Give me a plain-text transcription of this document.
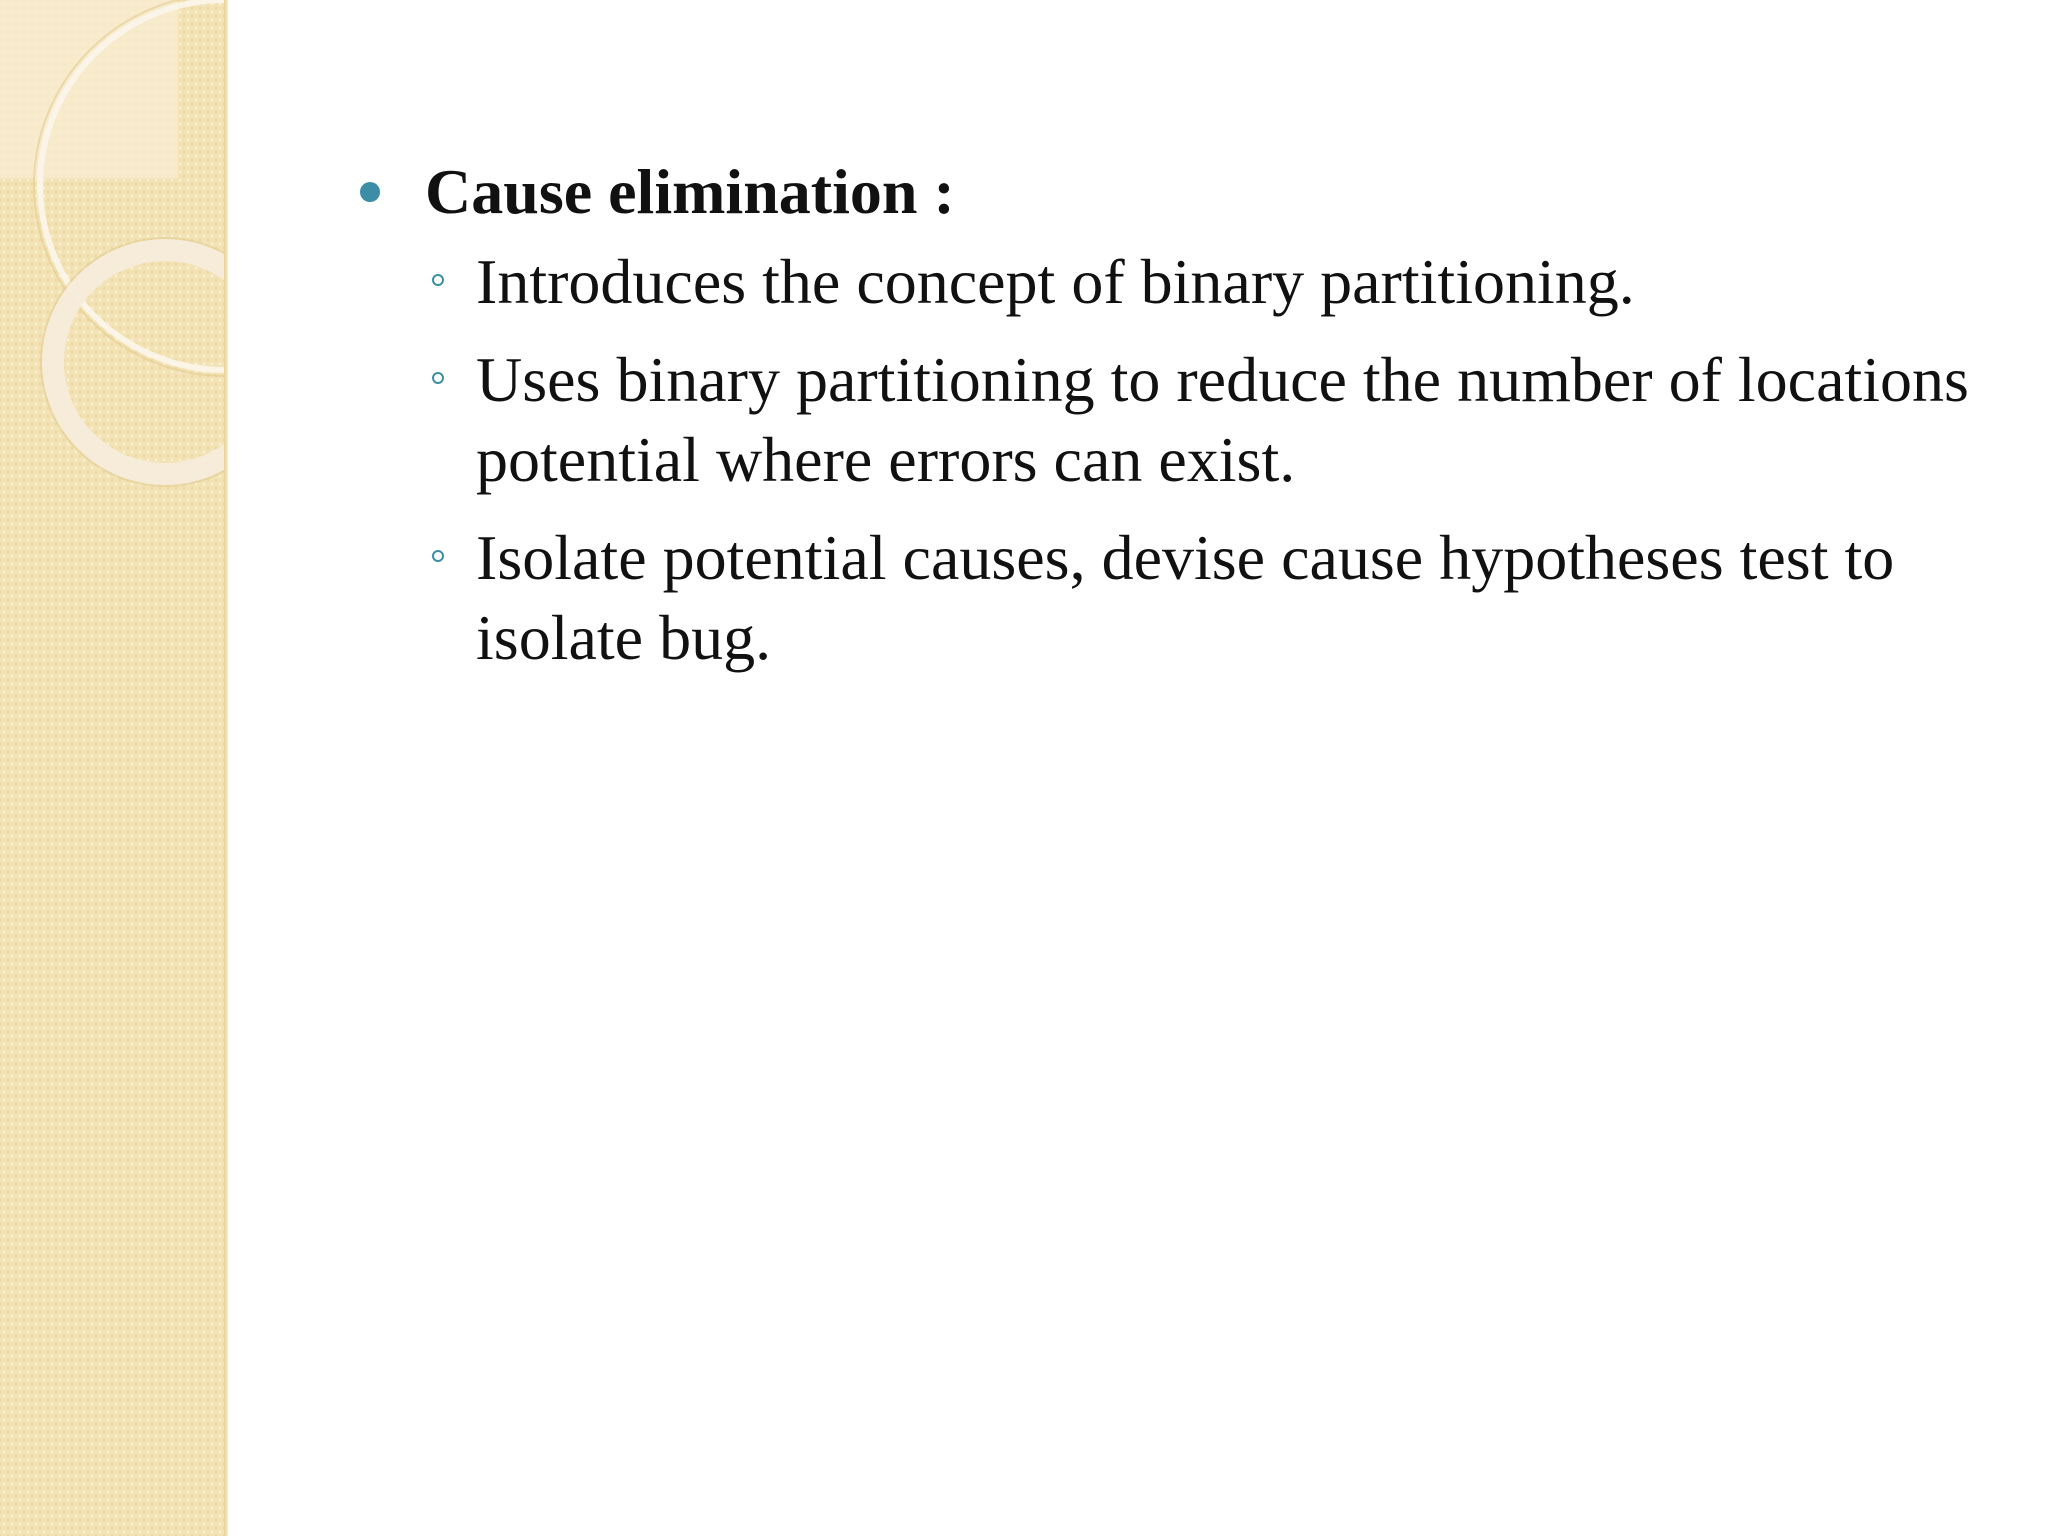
Cause elimination :
Introduces the concept of binary partitioning.
Uses binary partitioning to reduce the number of locations potential where errors can exist.
Isolate potential causes, devise cause hypotheses test to isolate bug.
